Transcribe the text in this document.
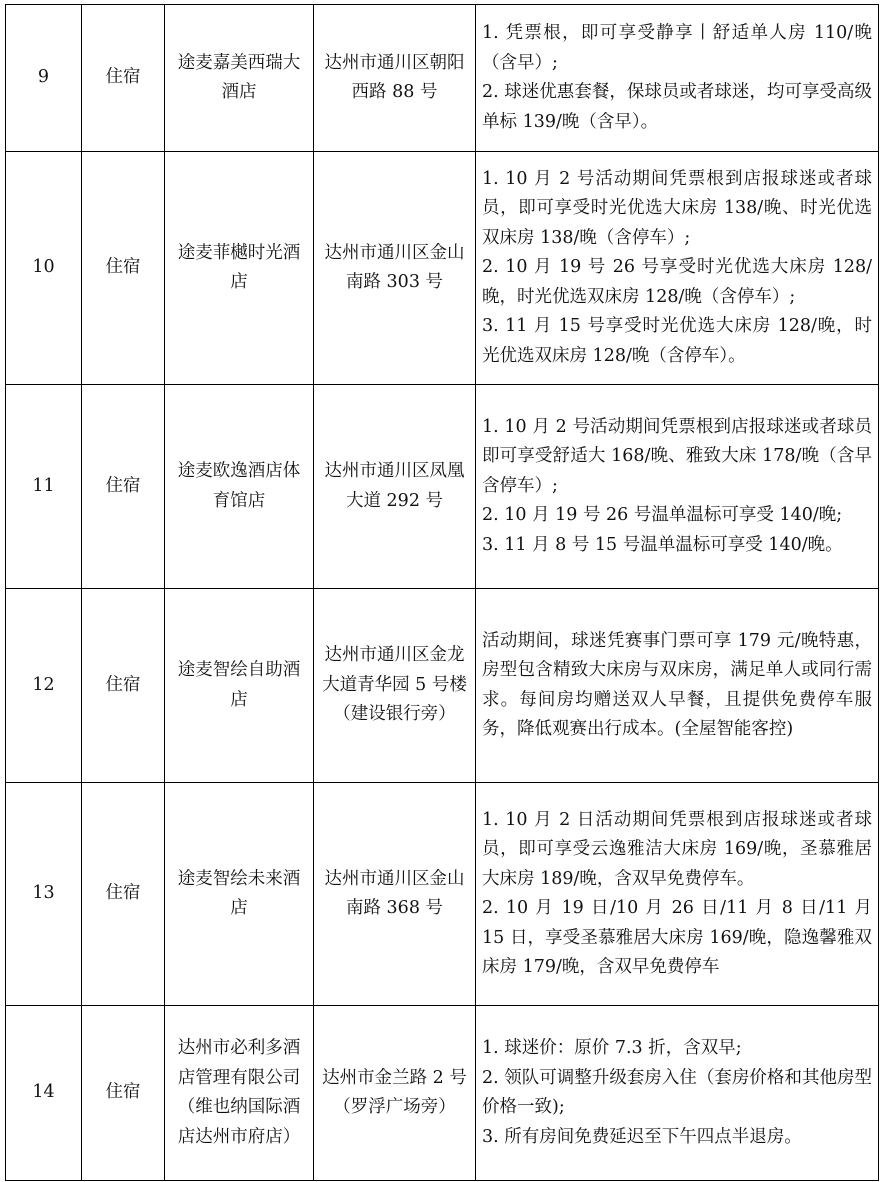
9	住宿	途麦嘉美西瑞大酒店	达州市通川区朝阳西路 88 号	1. 凭票根，即可享受静享丨舒适单人房 110/晚（含早）;
2. 球迷优惠套餐，保球员或者球迷，均可享受高级单标 139/晚（含早）。

10	住宿	途麦菲樾时光酒店	达州市通川区金山南路 303 号	1. 10 月 2 号活动期间凭票根到店报球迷或者球员，即可享受时光优选大床房 138/晚、时光优选双床房 138/晚（含停车）;
2. 10 月 19 号 26 号享受时光优选大床房 128/晚，时光优选双床房 128/晚（含停车）;
3. 11 月 15 号享受时光优选大床房 128/晚，时光优选双床房 128/晚（含停车）。

11	住宿	途麦欧逸酒店体育馆店	达州市通川区凤凰大道 292 号	1. 10 月 2 号活动期间凭票根到店报球迷或者球员即可享受舒适大 168/晚、雅致大床 178/晚（含早含停车）;
2. 10 月 19 号 26 号温单温标可享受 140/晚;
3. 11 月 8 号 15 号温单温标可享受 140/晚。

12	住宿	途麦智绘自助酒店	达州市通川区金龙大道青华园 5 号楼（建设银行旁）	活动期间，球迷凭赛事门票可享 179 元/晚特惠，房型包含精致大床房与双床房，满足单人或同行需求。每间房均赠送双人早餐，且提供免费停车服务，降低观赛出行成本。(全屋智能客控)

13	住宿	途麦智绘未来酒店	达州市通川区金山南路 368 号	1. 10 月 2 日活动期间凭票根到店报球迷或者球员，即可享受云逸雅洁大床房 169/晚，圣慕雅居大床房 189/晚，含双早免费停车。
2. 10 月 19 日/10 月 26 日/11 月 8 日/11 月 15 日，享受圣慕雅居大床房 169/晚，隐逸馨雅双床房 179/晚，含双早免费停车

14	住宿	达州市必利多酒店管理有限公司（维也纳国际酒店达州市府店）	达州市金兰路 2 号（罗浮广场旁）	1. 球迷价：原价 7.3 折，含双早;
2. 领队可调整升级套房入住（套房价格和其他房型价格一致);
3. 所有房间免费延迟至下午四点半退房。
